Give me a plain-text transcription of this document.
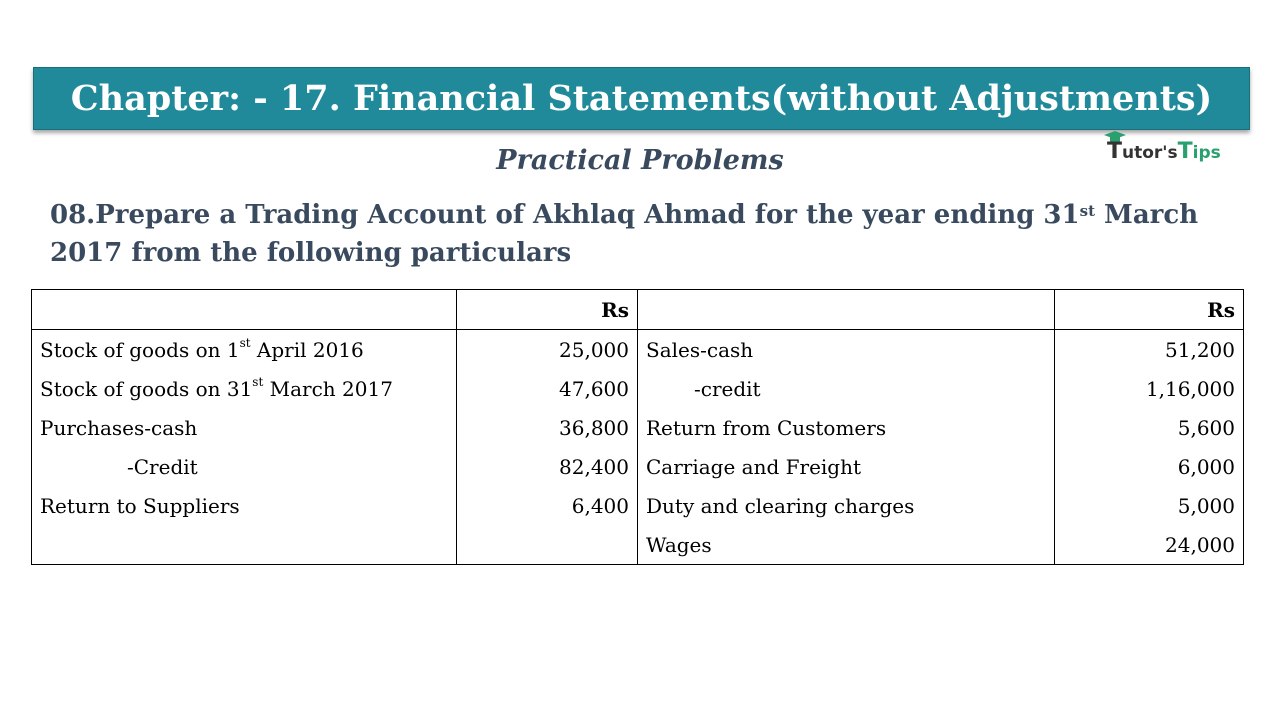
Chapter: - 17. Financial Statements(without Adjustments)
Practical Problems	Tutor'sTips
08.Prepare a Trading Account of Akhlaq Ahmad for the year ending 31st March 2017 from the following particulars
	Rs		Rs
Stock of goods on 1st April 2016	25,000	Sales-cash	51,200
Stock of goods on 31st March 2017	47,600	-credit	1,16,000
Purchases-cash	36,800	Return from Customers	5,600
-Credit	82,400	Carriage and Freight	6,000
Return to Suppliers	6,400	Duty and clearing charges	5,000
		Wages	24,000
